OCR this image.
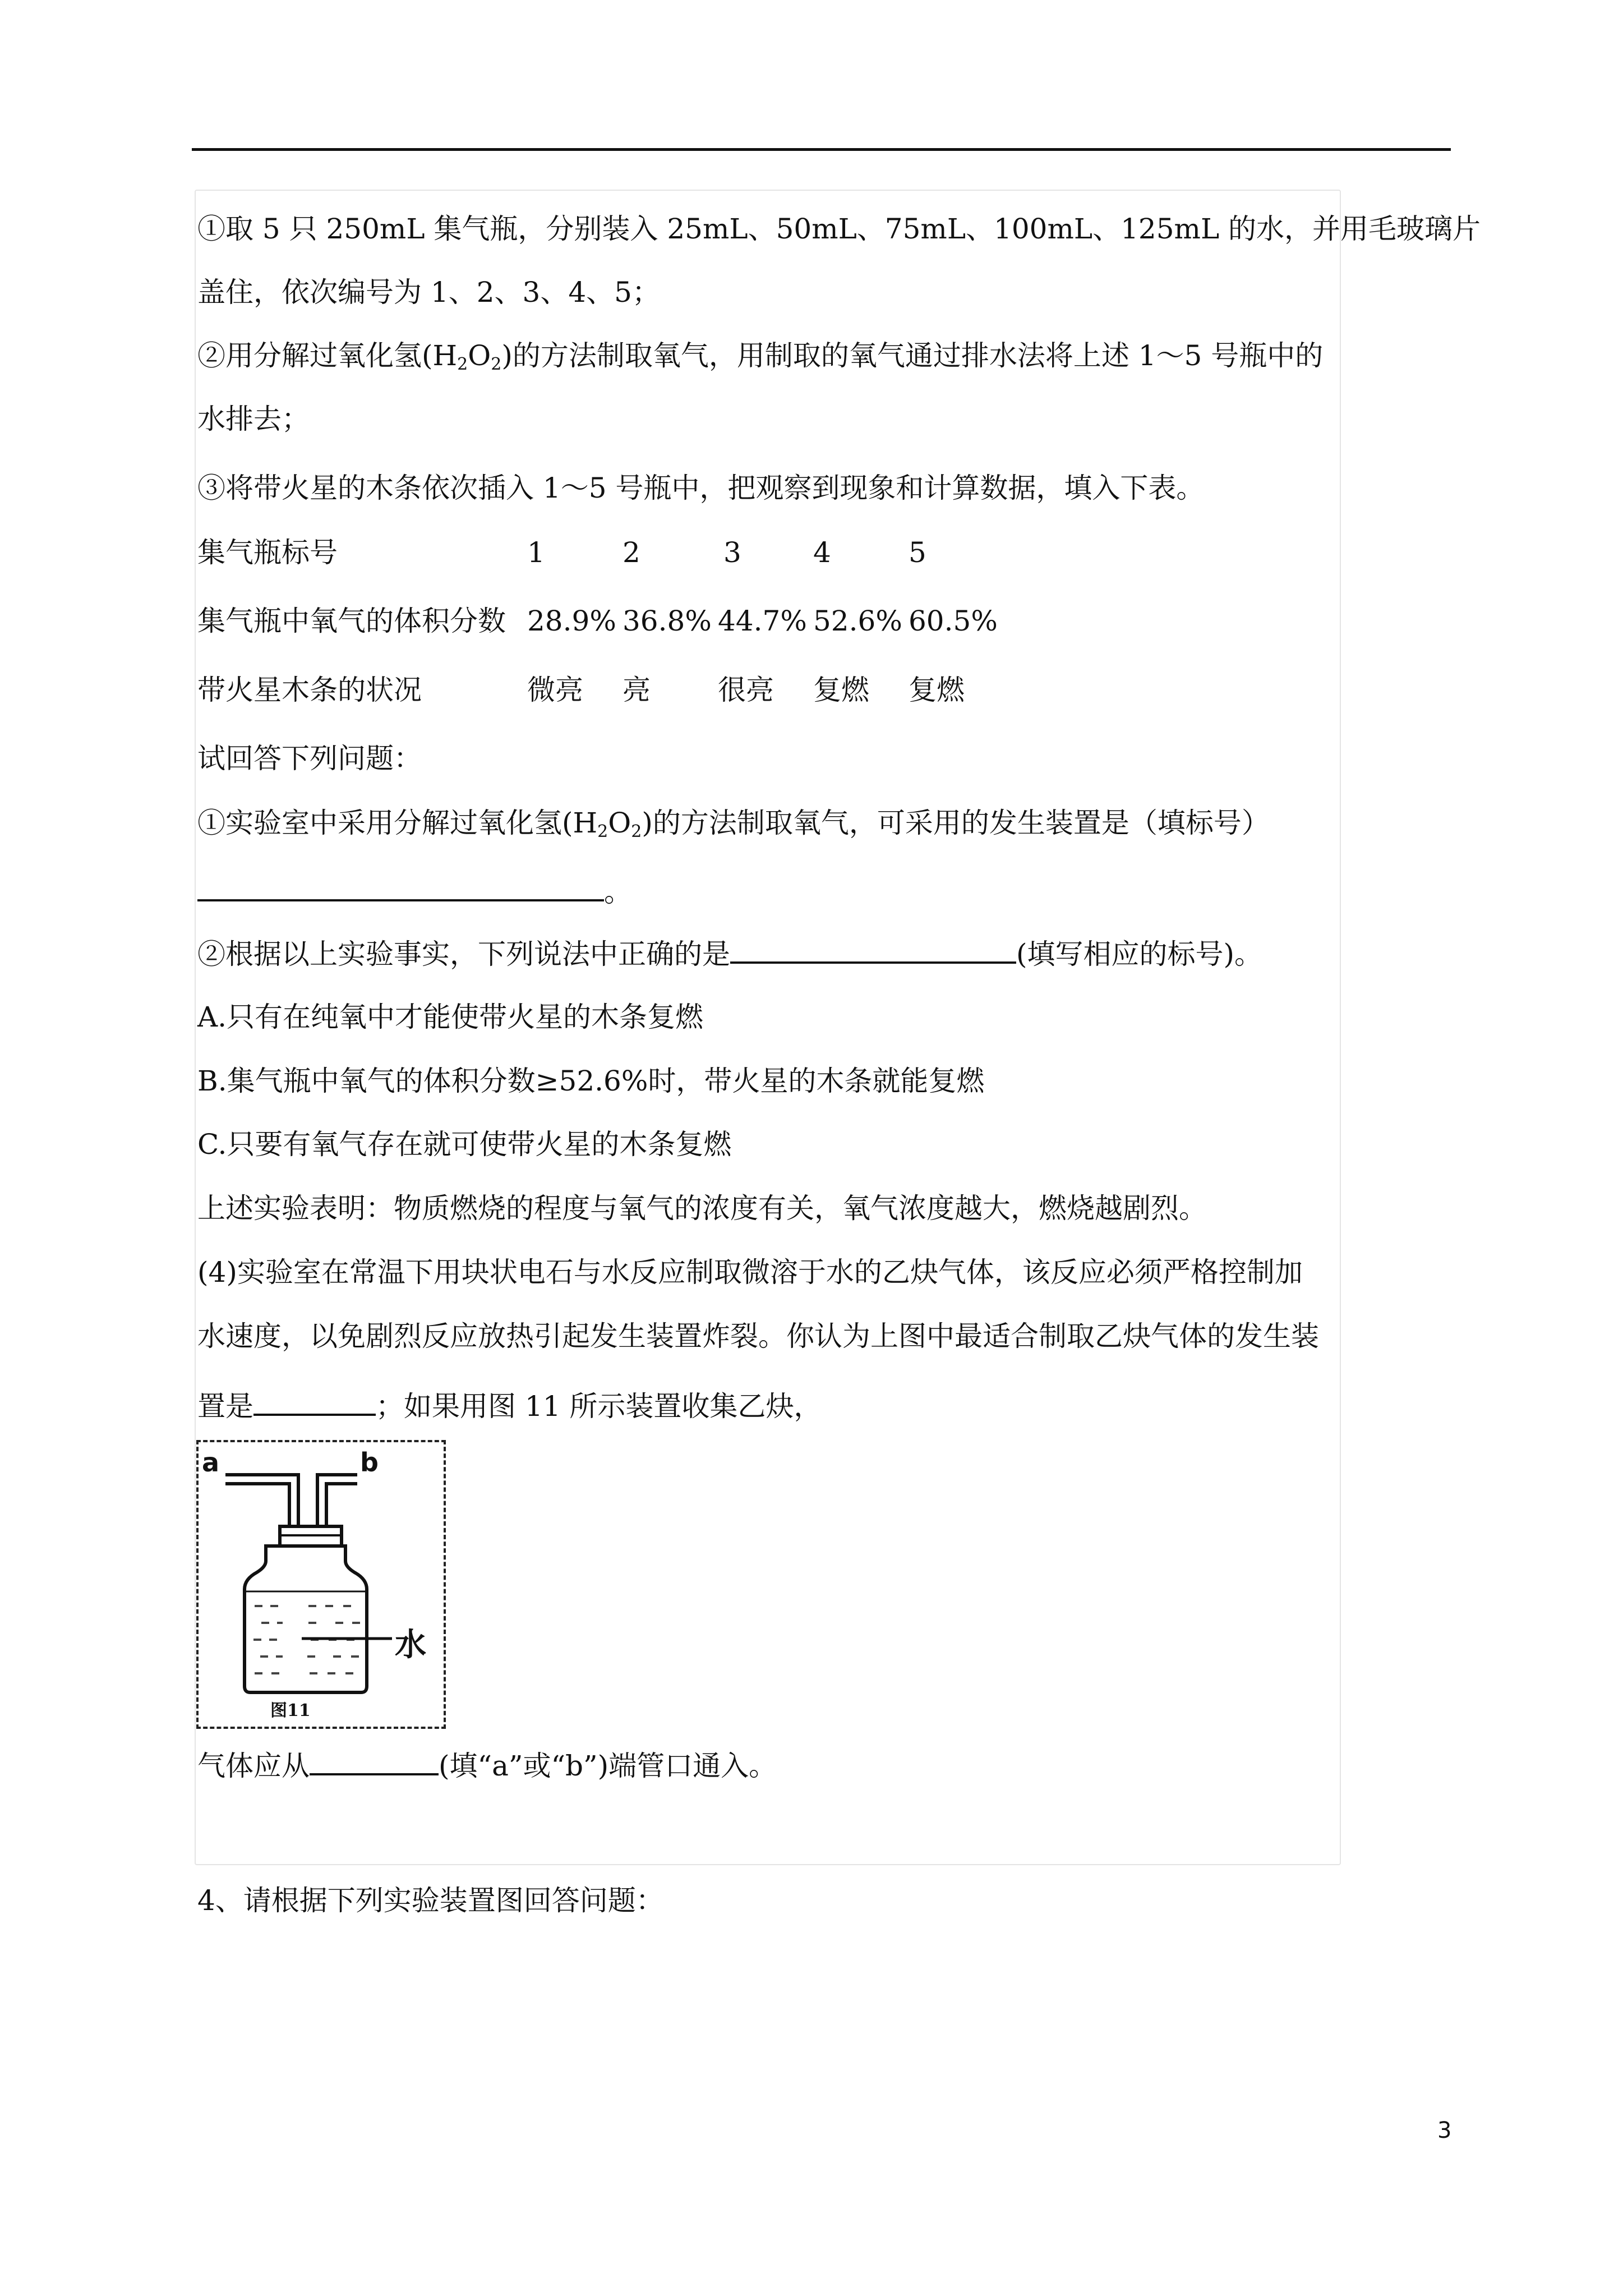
①取 5 只 250mL 集气瓶，分别装入 25mL、50mL、75mL、100mL、125mL 的水，并用毛玻璃片
盖住，依次编号为 1、2、3、4、5；
②用分解过氧化氢$(H_2O_2)$的方法制取氧气，用制取的氧气通过排水法将上述 1～5 号瓶中的
水排去；
③将带火星的木条依次插入 1～5 号瓶中，把观察到现象和计算数据，填入下表。
集气瓶标号	1	2	3	4	5
集气瓶中氧气的体积分数 28.9% 36.8% 44.7% 52.6% 60.5%
带火星木条的状况	微亮 亮 很亮 复燃 复燃
试回答下列问题：
①实验室中采用分解过氧化氢$(H_2O_2)$的方法制取氧气，可采用的发生装置是（填标号）
。
②根据以上实验事实，下列说法中正确的是	(填写相应的标号)。
A.只有在纯氧中才能使带火星的木条复燃
B.集气瓶中氧气的体积分数≥52.6%时，带火星的木条就能复燃
C.只要有氧气存在就可使带火星的木条复燃
上述实验表明：物质燃烧的程度与氧气的浓度有关，氧气浓度越大，燃烧越剧烈。
(4)实验室在常温下用块状电石与水反应制取微溶于水的乙炔气体，该反应必须严格控制加
水速度，以免剧烈反应放热引起发生装置炸裂。你认为上图中最适合制取乙炔气体的发生装
置是	；如果用图 11 所示装置收集乙炔，
a	b
水
图11
气体应从	(填“a”或“b”)端管口通入。
4、请根据下列实验装置图回答问题：
3
